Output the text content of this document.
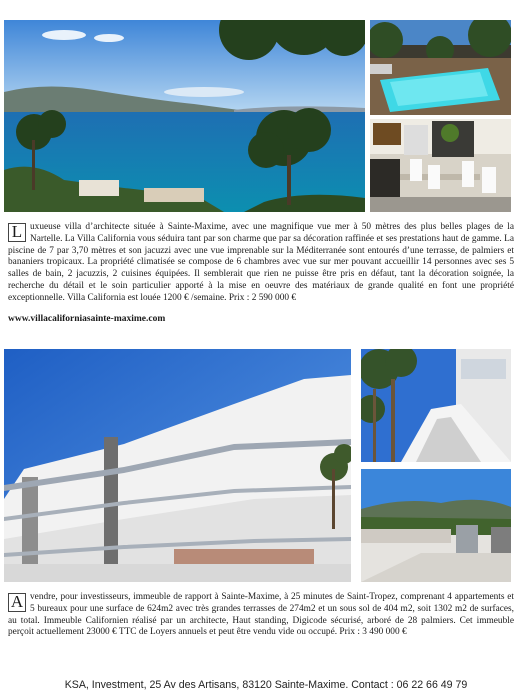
L uxueuse villa d’architecte située à Sainte-Maxime, avec une magnifique vue mer à 50 mètres des plus belles plages de la Nartelle. La Villa California vous séduira tant par son charme que par sa décoration raffinée et ses prestations haut de gamme. La piscine de 7 par 3,70 mètres et son jacuzzi avec une vue imprenable sur la Méditerranée sont entourés d’une terrasse, de palmiers et bananiers tropicaux. La propriété climatisée se compose de 6 chambres avec vue sur mer pouvant accueillir 14 personnes avec ses 5 salles de bain, 2 jacuzzis, 2 cuisines équipées. Il semblerait que rien ne puisse être pris en défaut, tant la décoration soignée, la recherche du détail et le soin particulier apporté à la mise en oeuvre des matériaux de grande qualité en font une propriété exceptionnelle. Villa California est louée 1200 € /semaine. Prix : 2 590 000 €
www.villacaliforniasainte-maxime.com
A vendre, pour investisseurs, immeuble de rapport à Sainte-Maxime, à 25 minutes de Saint-Tropez, comprenant 4 appartements et 5 bureaux pour une surface de 624m2 avec très grandes terrasses de 274m2 et un sous sol de 404 m2, soit 1302 m2 de surfaces, au total. Immeuble Californien réalisé par un architecte, Haut standing, Digicode sécurisé, arboré de 28 palmiers. Cet immeuble perçoit actuellement 23000 € TTC de Loyers annuels et peut être vendu vide ou occupé. Prix : 3 490 000 €
KSA, Investment, 25 Av des Artisans, 83120 Sainte-Maxime. Contact : 06 22 66 49 79
